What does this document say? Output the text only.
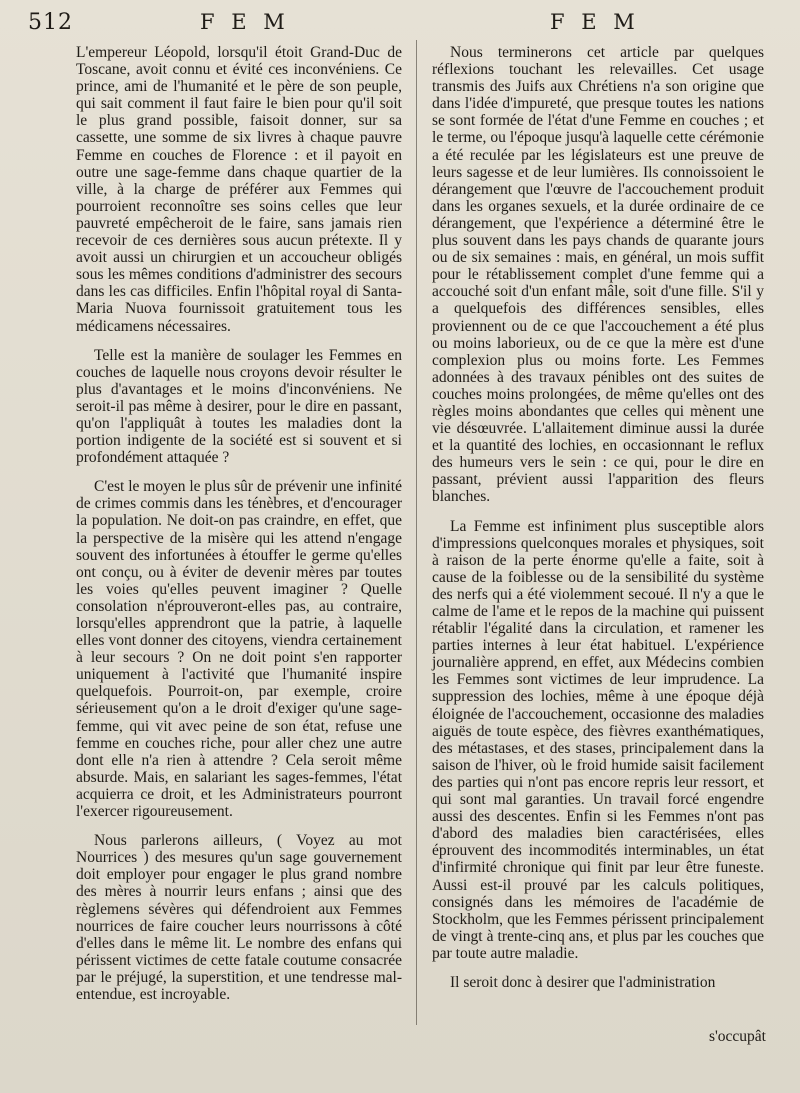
512	F E M	F E M

L'empereur Léopold, lorsqu'il étoit Grand-Duc de Toscane, avoit connu et évité ces inconvéniens. Ce prince, ami de l'humanité et le père de son peuple, qui sait comment il faut faire le bien pour qu'il soit le plus grand possible, faisoit donner, sur sa cassette, une somme de six livres à chaque pauvre Femme en couches de Florence : et il payoit en outre une sage-femme dans chaque quartier de la ville, à la charge de préférer aux Femmes qui pourroient reconnoître ses soins celles que leur pauvreté empêcheroit de le faire, sans jamais rien recevoir de ces dernières sous aucun prétexte. Il y avoit aussi un chirurgien et un accoucheur obligés sous les mêmes conditions d'administrer des secours dans les cas difficiles. Enfin l'hôpital royal di Santa-Maria Nuova fournissoit gratuitement tous les médicamens nécessaires.

Telle est la manière de soulager les Femmes en couches de laquelle nous croyons devoir résulter le plus d'avantages et le moins d'inconvéniens. Ne seroit-il pas même à desirer, pour le dire en passant, qu'on l'appliquât à toutes les maladies dont la portion indigente de la société est si souvent et si profondément attaquée ?

C'est le moyen le plus sûr de prévenir une infinité de crimes commis dans les ténèbres, et d'encourager la population. Ne doit-on pas craindre, en effet, que la perspective de la misère qui les attend n'engage souvent des infortunées à étouffer le germe qu'elles ont conçu, ou à éviter de devenir mères par toutes les voies qu'elles peuvent imaginer ? Quelle consolation n'éprouveront-elles pas, au contraire, lorsqu'elles apprendront que la patrie, à laquelle elles vont donner des citoyens, viendra certainement à leur secours ? On ne doit point s'en rapporter uniquement à l'activité que l'humanité inspire quelquefois. Pourroit-on, par exemple, croire sérieusement qu'on a le droit d'exiger qu'une sage-femme, qui vit avec peine de son état, refuse une femme en couches riche, pour aller chez une autre dont elle n'a rien à attendre ? Cela seroit même absurde. Mais, en salariant les sages-femmes, l'état acquierra ce droit, et les Administrateurs pourront l'exercer rigoureusement.

Nous parlerons ailleurs, ( Voyez au mot Nourrices ) des mesures qu'un sage gouvernement doit employer pour engager le plus grand nombre des mères à nourrir leurs enfans ; ainsi que des règlemens sévères qui défendroient aux Femmes nourrices de faire coucher leurs nourrissons à côté d'elles dans le même lit. Le nombre des enfans qui périssent victimes de cette fatale coutume consacrée par le préjugé, la superstition, et une tendresse mal-entendue, est incroyable.

Nous terminerons cet article par quelques réflexions touchant les relevailles. Cet usage transmis des Juifs aux Chrétiens n'a son origine que dans l'idée d'impureté, que presque toutes les nations se sont formée de l'état d'une Femme en couches ; et le terme, ou l'époque jusqu'à laquelle cette cérémonie a été reculée par les législateurs est une preuve de leurs sagesse et de leur lumières. Ils connoissoient le dérangement que l'œuvre de l'accouchement produit dans les organes sexuels, et la durée ordinaire de ce dérangement, que l'expérience a déterminé être le plus souvent dans les pays chands de quarante jours ou de six semaines : mais, en général, un mois suffit pour le rétablissement complet d'une femme qui a accouché soit d'un enfant mâle, soit d'une fille. S'il y a quelquefois des différences sensibles, elles proviennent ou de ce que l'accouchement a été plus ou moins laborieux, ou de ce que la mère est d'une complexion plus ou moins forte. Les Femmes adonnées à des travaux pénibles ont des suites de couches moins prolongées, de même qu'elles ont des règles moins abondantes que celles qui mènent une vie désœuvrée. L'allaitement diminue aussi la durée et la quantité des lochies, en occasionnant le reflux des humeurs vers le sein : ce qui, pour le dire en passant, prévient aussi l'apparition des fleurs blanches.

La Femme est infiniment plus susceptible alors d'impressions quelconques morales et physiques, soit à raison de la perte énorme qu'elle a faite, soit à cause de la foiblesse ou de la sensibilité du système des nerfs qui a été violemment secoué. Il n'y a que le calme de l'ame et le repos de la machine qui puissent rétablir l'égalité dans la circulation, et ramener les parties internes à leur état habituel. L'expérience journalière apprend, en effet, aux Médecins combien les Femmes sont victimes de leur imprudence. La suppression des lochies, même à une époque déjà éloignée de l'accouchement, occasionne des maladies aiguës de toute espèce, des fièvres exanthématiques, des métastases, et des stases, principalement dans la saison de l'hiver, où le froid humide saisit facilement des parties qui n'ont pas encore repris leur ressort, et qui sont mal garanties. Un travail forcé engendre aussi des descentes. Enfin si les Femmes n'ont pas d'abord des maladies bien caractérisées, elles éprouvent des incommodités interminables, un état d'infirmité chronique qui finit par leur être funeste. Aussi est-il prouvé par les calculs politiques, consignés dans les mémoires de l'académie de Stockholm, que les Femmes périssent principalement de vingt à trente-cinq ans, et plus par les couches que par toute autre maladie.

Il seroit donc à desirer que l'administration

s'occupât
